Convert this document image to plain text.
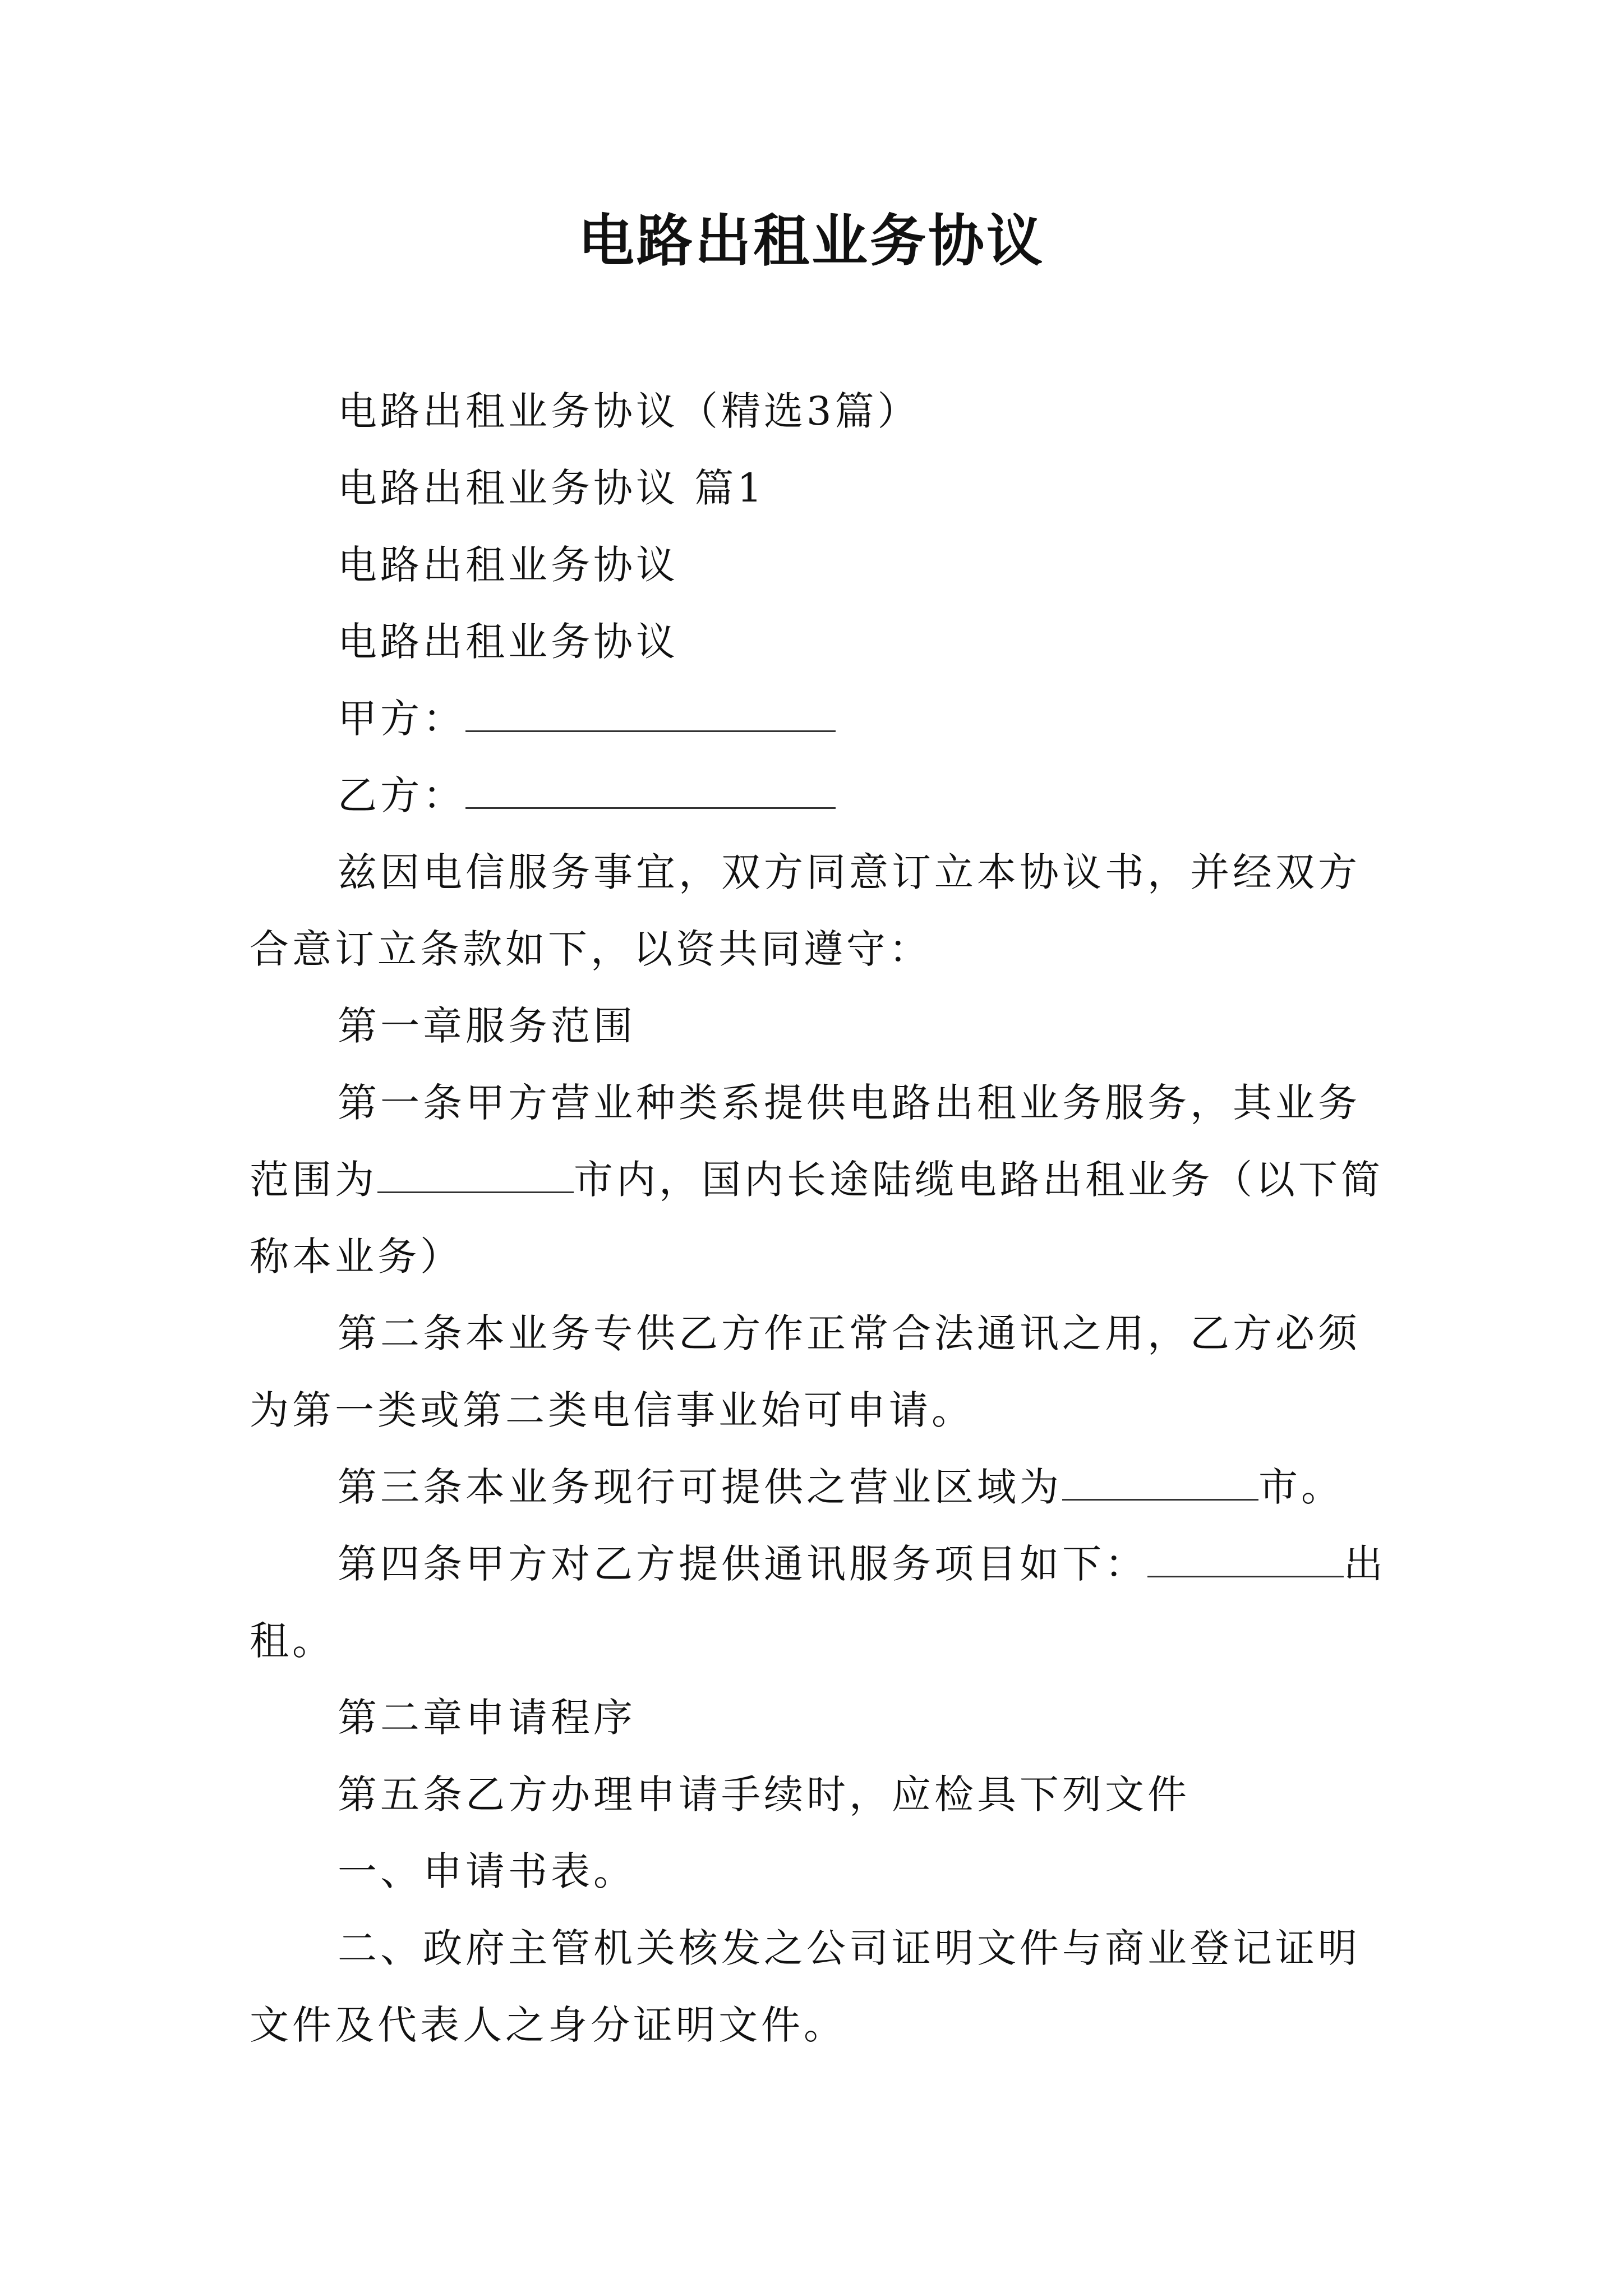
电路出租业务协议

电路出租业务协议（精选3篇）

电路出租业务协议 篇1

电路出租业务协议

电路出租业务协议

甲方：

乙方：

兹因电信服务事宜，双方同意订立本协议书，并经双方合意订立条款如下，以资共同遵守：

第一章服务范围

第一条甲方营业种类系提供电路出租业务服务，其业务范围为	市内，国内长途陆缆电路出租业务（以下简称本业务）

第二条本业务专供乙方作正常合法通讯之用，乙方必须为第一类或第二类电信事业始可申请。

第三条本业务现行可提供之营业区域为	市。

第四条甲方对乙方提供通讯服务项目如下：	出租。

第二章申请程序

第五条乙方办理申请手续时，应检具下列文件

一、申请书表。

二、政府主管机关核发之公司证明文件与商业登记证明文件及代表人之身分证明文件。
